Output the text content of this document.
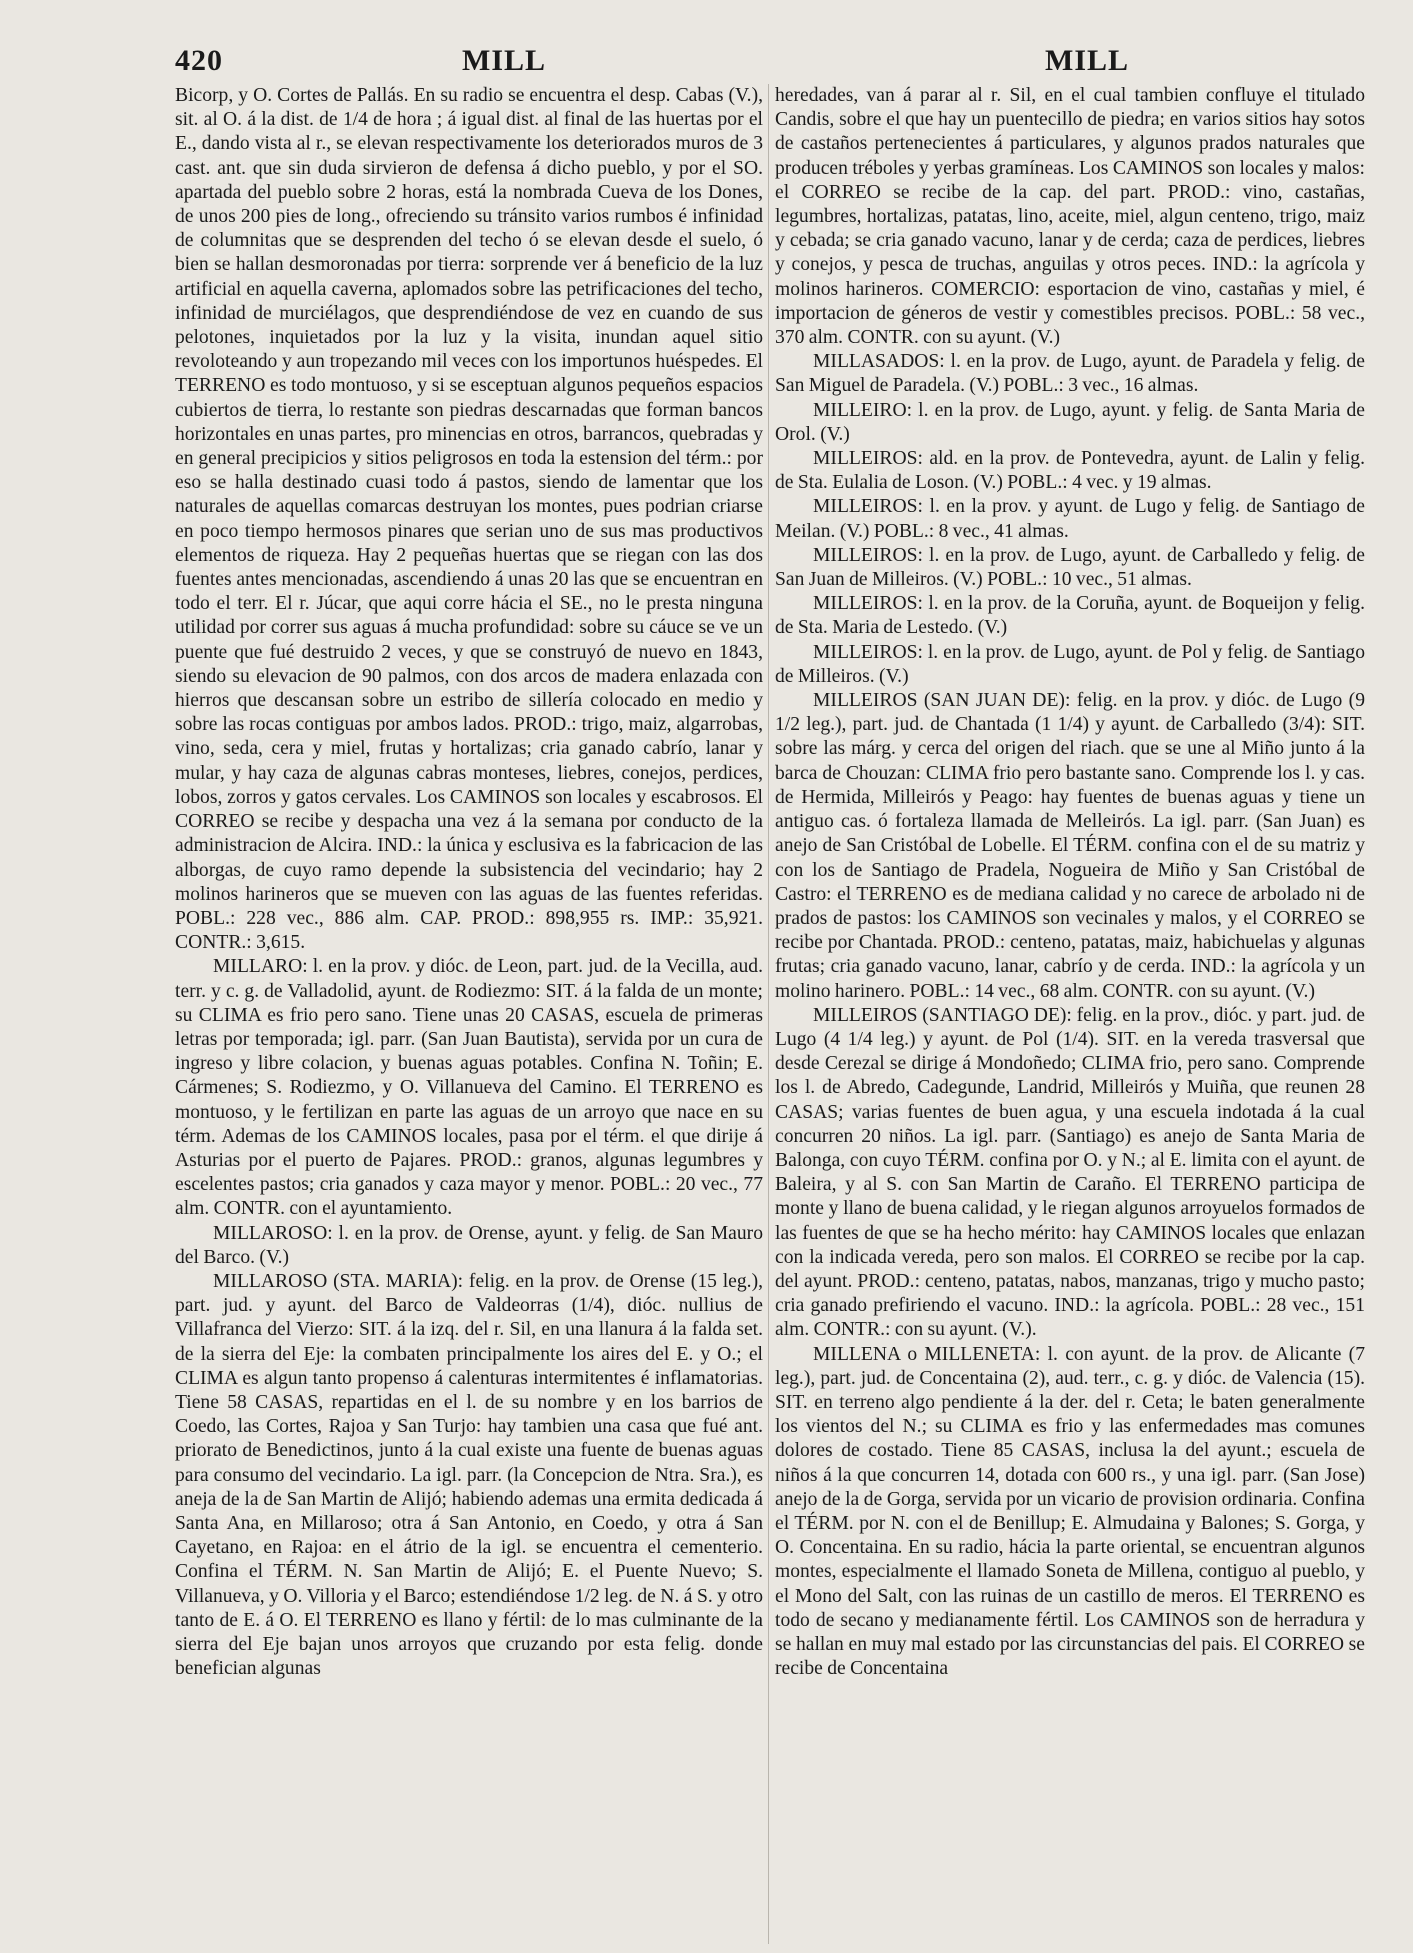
420	MILL	MILL

Bicorp, y O. Cortes de Pallás. En su radio se encuentra el desp. Cabas (V.), sit. al O. á la dist. de 1/4 de hora ; á igual dist. al final de las huertas por el E., dando vista al r., se elevan respectivamente los deteriorados muros de 3 cast. ant. que sin duda sirvieron de defensa á dicho pueblo, y por el SO. apartada del pueblo sobre 2 horas, está la nombrada Cueva de los Dones, de unos 200 pies de long., ofreciendo su tránsito varios rumbos é infinidad de columnitas que se desprenden del techo ó se elevan desde el suelo, ó bien se hallan desmoronadas por tierra: sorprende ver á beneficio de la luz artificial en aquella caverna, aplomados sobre las petrificaciones del techo, infinidad de murciélagos, que desprendiéndose de vez en cuando de sus pelotones, inquietados por la luz y la visita, inundan aquel sitio revoloteando y aun tropezando mil veces con los importunos huéspedes. El TERRENO es todo montuoso, y si se esceptuan algunos pequeños espacios cubiertos de tierra, lo restante son piedras descarnadas que forman bancos horizontales en unas partes, pro minencias en otros, barrancos, quebradas y en general precipicios y sitios peligrosos en toda la estension del térm.: por eso se halla destinado cuasi todo á pastos, siendo de lamentar que los naturales de aquellas comarcas destruyan los montes, pues podrian criarse en poco tiempo hermosos pinares que serian uno de sus mas productivos elementos de riqueza. Hay 2 pequeñas huertas que se riegan con las dos fuentes antes mencionadas, ascendiendo á unas 20 las que se encuentran en todo el terr. El r. Júcar, que aqui corre hácia el SE., no le presta ninguna utilidad por correr sus aguas á mucha profundidad: sobre su cáuce se ve un puente que fué destruido 2 veces, y que se construyó de nuevo en 1843, siendo su elevacion de 90 palmos, con dos arcos de madera enlazada con hierros que descansan sobre un estribo de sillería colocado en medio y sobre las rocas contiguas por ambos lados. PROD.: trigo, maiz, algarrobas, vino, seda, cera y miel, frutas y hortalizas; cria ganado cabrío, lanar y mular, y hay caza de algunas cabras monteses, liebres, conejos, perdices, lobos, zorros y gatos cervales. Los CAMINOS son locales y escabrosos. El CORREO se recibe y despacha una vez á la semana por conducto de la administracion de Alcira. IND.: la única y esclusiva es la fabricacion de las alborgas, de cuyo ramo depende la subsistencia del vecindario; hay 2 molinos harineros que se mueven con las aguas de las fuentes referidas. POBL.: 228 vec., 886 alm. CAP. PROD.: 898,955 rs. IMP.: 35,921. CONTR.: 3,615.

MILLARO: l. en la prov. y dióc. de Leon, part. jud. de la Vecilla, aud. terr. y c. g. de Valladolid, ayunt. de Rodiezmo: SIT. á la falda de un monte; su CLIMA es frio pero sano. Tiene unas 20 CASAS, escuela de primeras letras por temporada; igl. parr. (San Juan Bautista), servida por un cura de ingreso y libre colacion, y buenas aguas potables. Confina N. Toñin; E. Cármenes; S. Rodiezmo, y O. Villanueva del Camino. El TERRENO es montuoso, y le fertilizan en parte las aguas de un arroyo que nace en su térm. Ademas de los CAMINOS locales, pasa por el térm. el que dirije á Asturias por el puerto de Pajares. PROD.: granos, algunas legumbres y escelentes pastos; cria ganados y caza mayor y menor. POBL.: 20 vec., 77 alm. CONTR. con el ayuntamiento.

MILLAROSO: l. en la prov. de Orense, ayunt. y felig. de San Mauro del Barco. (V.)

MILLAROSO (STA. MARIA): felig. en la prov. de Orense (15 leg.), part. jud. y ayunt. del Barco de Valdeorras (1/4), dióc. nullius de Villafranca del Vierzo: SIT. á la izq. del r. Sil, en una llanura á la falda set. de la sierra del Eje: la combaten principalmente los aires del E. y O.; el CLIMA es algun tanto propenso á calenturas intermitentes é inflamatorias. Tiene 58 CASAS, repartidas en el l. de su nombre y en los barrios de Coedo, las Cortes, Rajoa y San Turjo: hay tambien una casa que fué ant. priorato de Benedictinos, junto á la cual existe una fuente de buenas aguas para consumo del vecindario. La igl. parr. (la Concepcion de Ntra. Sra.), es aneja de la de San Martin de Alijó; habiendo ademas una ermita dedicada á Santa Ana, en Millaroso; otra á San Antonio, en Coedo, y otra á San Cayetano, en Rajoa: en el átrio de la igl. se encuentra el cementerio. Confina el TÉRM. N. San Martin de Alijó; E. el Puente Nuevo; S. Villanueva, y O. Villoria y el Barco; estendiéndose 1/2 leg. de N. á S. y otro tanto de E. á O. El TERRENO es llano y fértil: de lo mas culminante de la sierra del Eje bajan unos arroyos que cruzando por esta felig. donde benefician algunas

heredades, van á parar al r. Sil, en el cual tambien confluye el titulado Candis, sobre el que hay un puentecillo de piedra; en varios sitios hay sotos de castaños pertenecientes á particulares, y algunos prados naturales que producen tréboles y yerbas gramíneas. Los CAMINOS son locales y malos: el CORREO se recibe de la cap. del part. PROD.: vino, castañas, legumbres, hortalizas, patatas, lino, aceite, miel, algun centeno, trigo, maiz y cebada; se cria ganado vacuno, lanar y de cerda; caza de perdices, liebres y conejos, y pesca de truchas, anguilas y otros peces. IND.: la agrícola y molinos harineros. COMERCIO: esportacion de vino, castañas y miel, é importacion de géneros de vestir y comestibles precisos. POBL.: 58 vec., 370 alm. CONTR. con su ayunt. (V.)

MILLASADOS: l. en la prov. de Lugo, ayunt. de Paradela y felig. de San Miguel de Paradela. (V.) POBL.: 3 vec., 16 almas.

MILLEIRO: l. en la prov. de Lugo, ayunt. y felig. de Santa Maria de Orol. (V.)

MILLEIROS: ald. en la prov. de Pontevedra, ayunt. de Lalin y felig. de Sta. Eulalia de Loson. (V.) POBL.: 4 vec. y 19 almas.

MILLEIROS: l. en la prov. y ayunt. de Lugo y felig. de Santiago de Meilan. (V.) POBL.: 8 vec., 41 almas.

MILLEIROS: l. en la prov. de Lugo, ayunt. de Carballedo y felig. de San Juan de Milleiros. (V.) POBL.: 10 vec., 51 almas.

MILLEIROS: l. en la prov. de la Coruña, ayunt. de Boqueijon y felig. de Sta. Maria de Lestedo. (V.)

MILLEIROS: l. en la prov. de Lugo, ayunt. de Pol y felig. de Santiago de Milleiros. (V.)

MILLEIROS (SAN JUAN DE): felig. en la prov. y dióc. de Lugo (9 1/2 leg.), part. jud. de Chantada (1 1/4) y ayunt. de Carballedo (3/4): SIT. sobre las márg. y cerca del origen del riach. que se une al Miño junto á la barca de Chouzan: CLIMA frio pero bastante sano. Comprende los l. y cas. de Hermida, Milleirós y Peago: hay fuentes de buenas aguas y tiene un antiguo cas. ó fortaleza llamada de Melleirós. La igl. parr. (San Juan) es anejo de San Cristóbal de Lobelle. El TÉRM. confina con el de su matriz y con los de Santiago de Pradela, Nogueira de Miño y San Cristóbal de Castro: el TERRENO es de mediana calidad y no carece de arbolado ni de prados de pastos: los CAMINOS son vecinales y malos, y el CORREO se recibe por Chantada. PROD.: centeno, patatas, maiz, habichuelas y algunas frutas; cria ganado vacuno, lanar, cabrío y de cerda. IND.: la agrícola y un molino harinero. POBL.: 14 vec., 68 alm. CONTR. con su ayunt. (V.)

MILLEIROS (SANTIAGO DE): felig. en la prov., dióc. y part. jud. de Lugo (4 1/4 leg.) y ayunt. de Pol (1/4). SIT. en la vereda trasversal que desde Cerezal se dirige á Mondoñedo; CLIMA frio, pero sano. Comprende los l. de Abredo, Cadegunde, Landrid, Milleirós y Muiña, que reunen 28 CASAS; varias fuentes de buen agua, y una escuela indotada á la cual concurren 20 niños. La igl. parr. (Santiago) es anejo de Santa Maria de Balonga, con cuyo TÉRM. confina por O. y N.; al E. limita con el ayunt. de Baleira, y al S. con San Martin de Caraño. El TERRENO participa de monte y llano de buena calidad, y le riegan algunos arroyuelos formados de las fuentes de que se ha hecho mérito: hay CAMINOS locales que enlazan con la indicada vereda, pero son malos. El CORREO se recibe por la cap. del ayunt. PROD.: centeno, patatas, nabos, manzanas, trigo y mucho pasto; cria ganado prefiriendo el vacuno. IND.: la agrícola. POBL.: 28 vec., 151 alm. CONTR.: con su ayunt. (V.).

MILLENA o MILLENETA: l. con ayunt. de la prov. de Alicante (7 leg.), part. jud. de Concentaina (2), aud. terr., c. g. y dióc. de Valencia (15). SIT. en terreno algo pendiente á la der. del r. Ceta; le baten generalmente los vientos del N.; su CLIMA es frio y las enfermedades mas comunes dolores de costado. Tiene 85 CASAS, inclusa la del ayunt.; escuela de niños á la que concurren 14, dotada con 600 rs., y una igl. parr. (San Jose) anejo de la de Gorga, servida por un vicario de provision ordinaria. Confina el TÉRM. por N. con el de Benillup; E. Almudaina y Balones; S. Gorga, y O. Concentaina. En su radio, hácia la parte oriental, se encuentran algunos montes, especialmente el llamado Soneta de Millena, contiguo al pueblo, y el Mono del Salt, con las ruinas de un castillo de meros. El TERRENO es todo de secano y medianamente fértil. Los CAMINOS son de herradura y se hallan en muy mal estado por las circunstancias del pais. El CORREO se recibe de Concentaina
